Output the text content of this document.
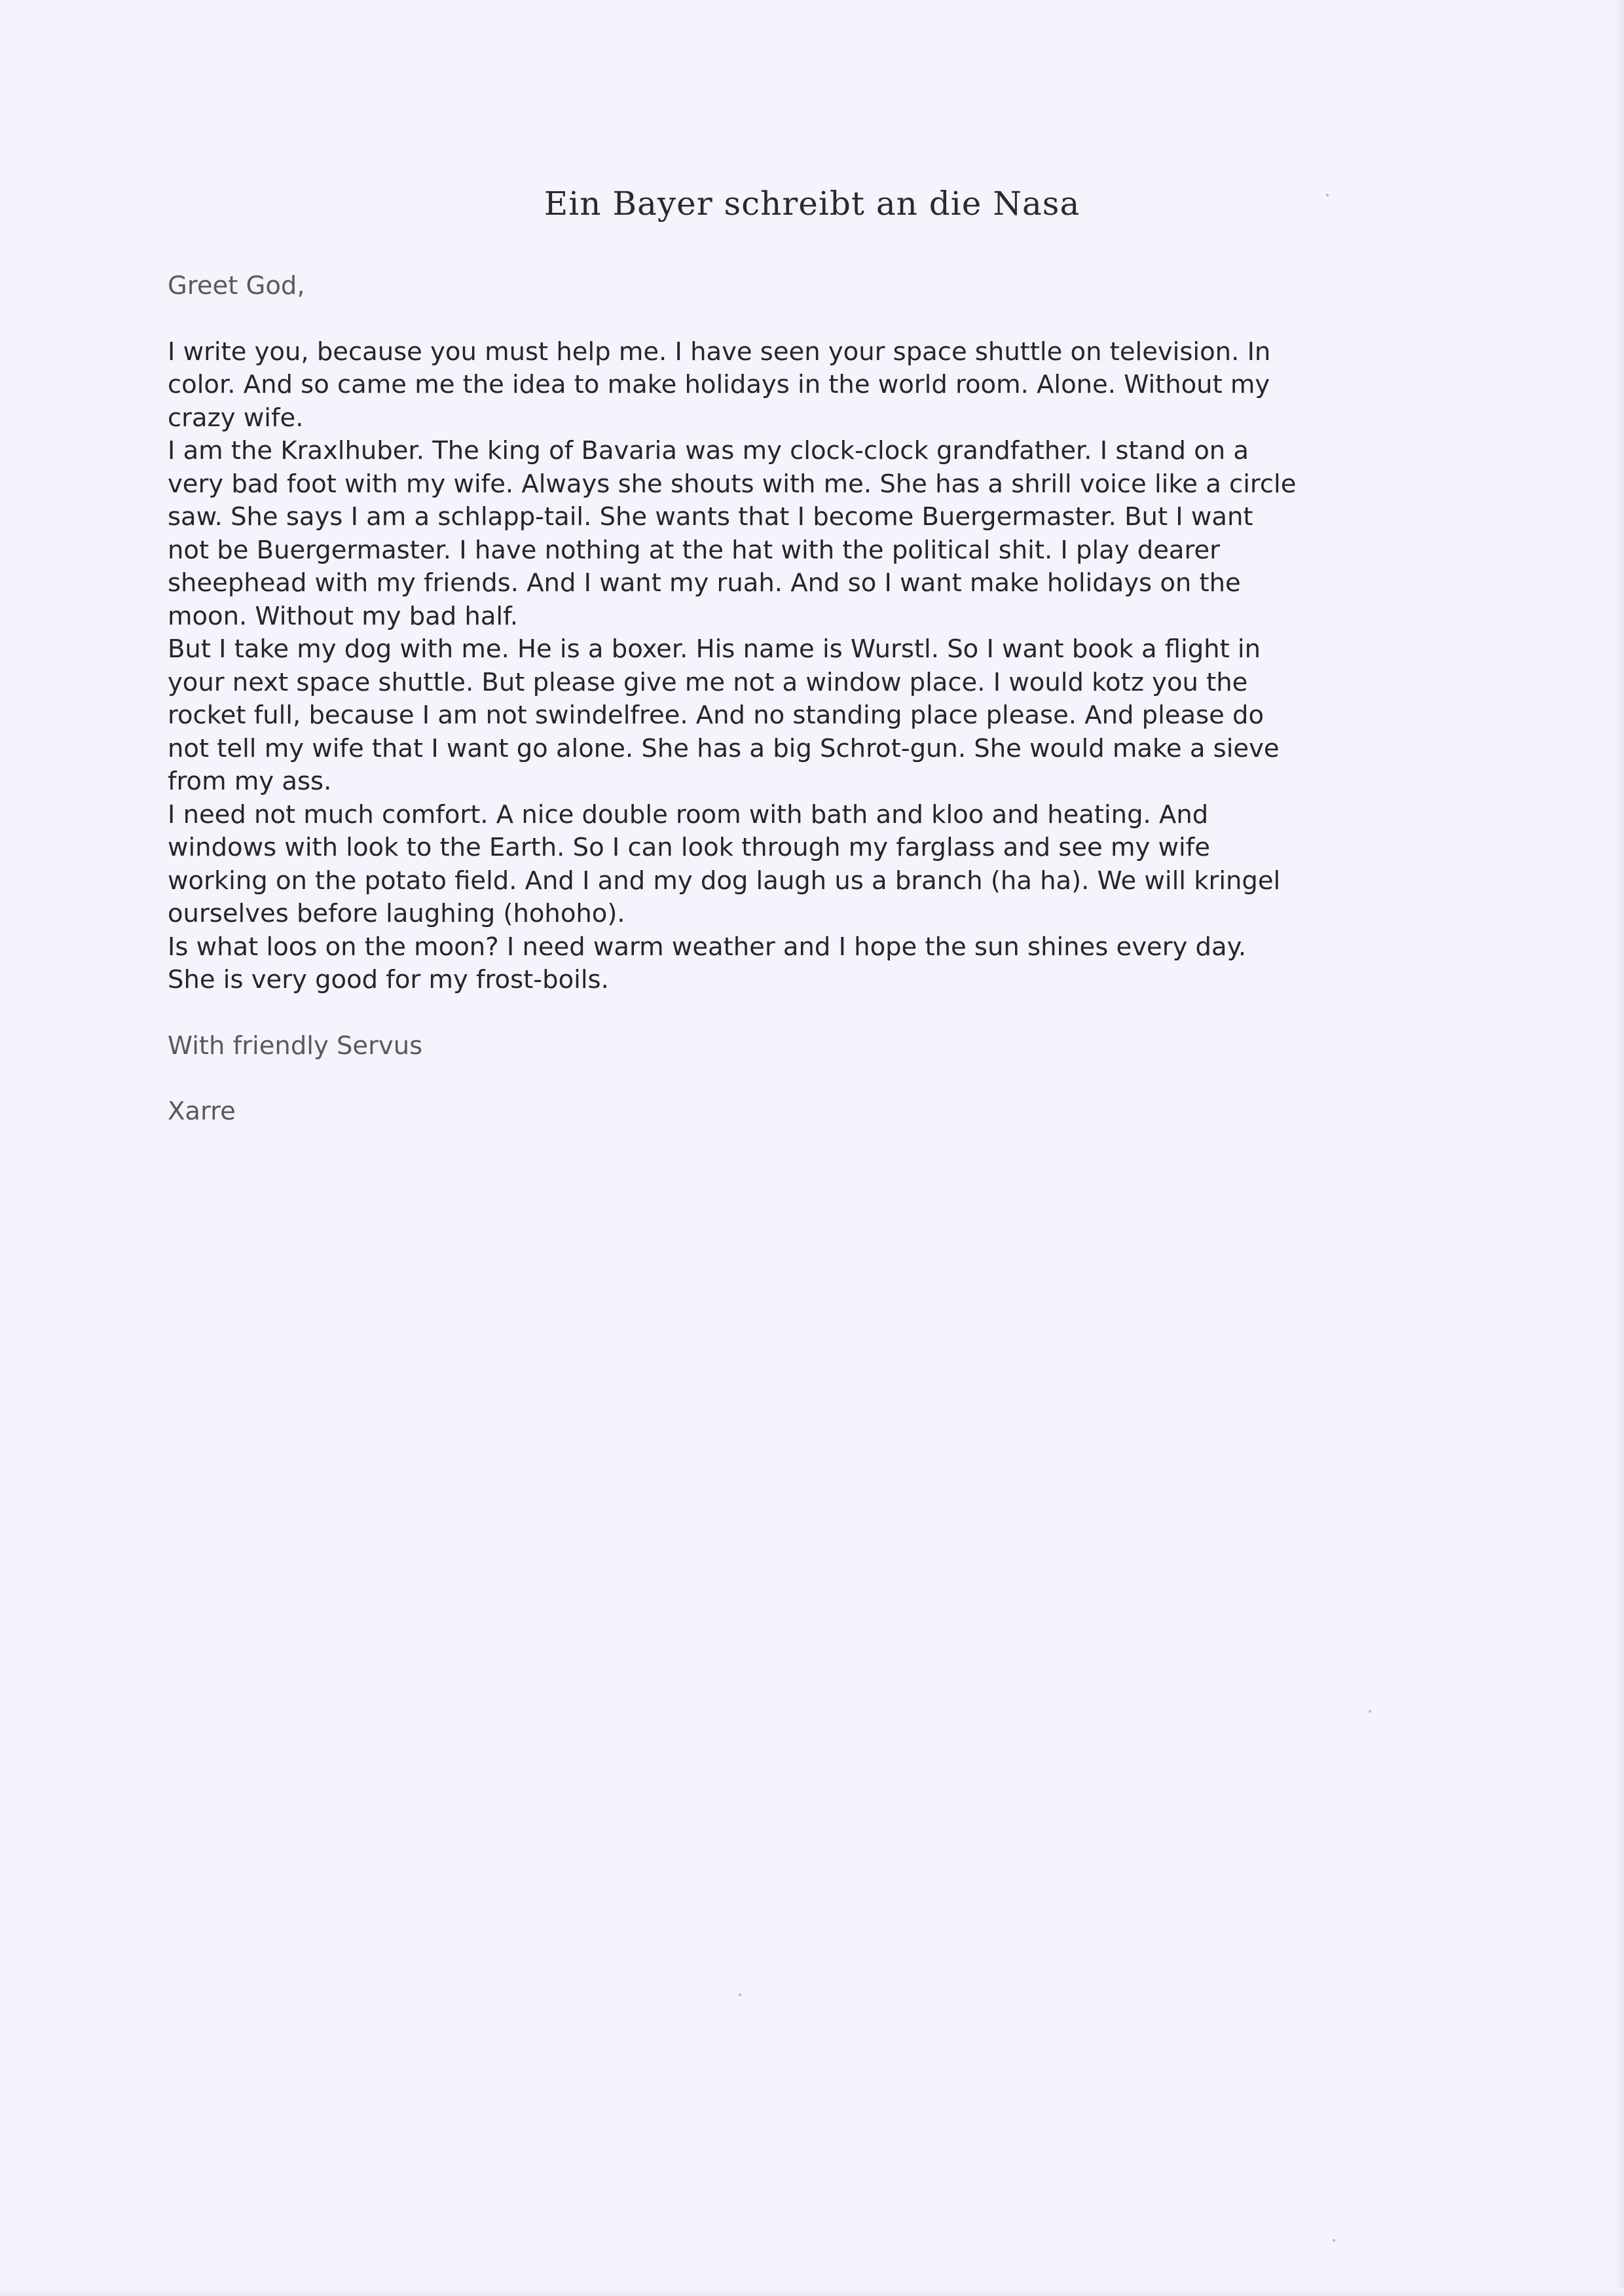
Ein Bayer schreibt an die Nasa
Greet God,
I write you, because you must help me. I have seen your space shuttle on television. In
color. And so came me the idea to make holidays in the world room. Alone. Without my
crazy wife.
I am the Kraxlhuber. The king of Bavaria was my clock-clock grandfather. I stand on a
very bad foot with my wife. Always she shouts with me. She has a shrill voice like a circle
saw. She says I am a schlapp-tail. She wants that I become Buergermaster. But I want
not be Buergermaster. I have nothing at the hat with the political shit. I play dearer
sheephead with my friends. And I want my ruah. And so I want make holidays on the
moon. Without my bad half.
But I take my dog with me. He is a boxer. His name is Wurstl. So I want book a flight in
your next space shuttle. But please give me not a window place. I would kotz you the
rocket full, because I am not swindelfree. And no standing place please. And please do
not tell my wife that I want go alone. She has a big Schrot-gun. She would make a sieve
from my ass.
I need not much comfort. A nice double room with bath and kloo and heating. And
windows with look to the Earth. So I can look through my farglass and see my wife
working on the potato field. And I and my dog laugh us a branch (ha ha). We will kringel
ourselves before laughing (hohoho).
Is what loos on the moon? I need warm weather and I hope the sun shines every day.
She is very good for my frost-boils.
With friendly Servus
Xarre
